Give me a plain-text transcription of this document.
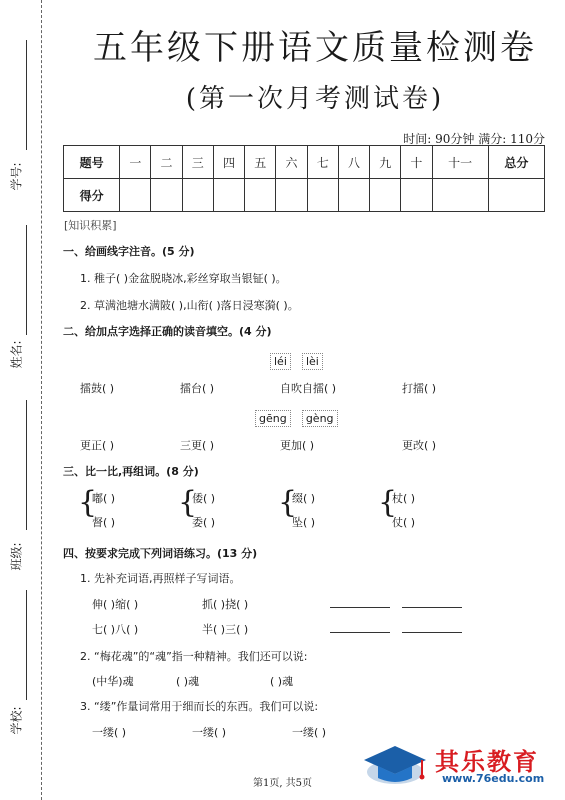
学号:
姓名:
班级:
学校:
五年级下册语文质量检测卷
(第一次月考测试卷)
时间: 90分钟 满分: 110分
题号	一	二	三	四	五	六	七	八	九	十	十一	总分
得分												
[知识积累]
一、给画线字注音。(5 分)
1. 稚子( )金盆脱晓冰,彩丝穿取当银钲( )。
2. 草满池塘水满陂( ),山衔( )落日浸寒漪( )。
二、给加点字选择正确的读音填空。(4 分)
léi lèi
擂鼓( )	擂台( )	自吹自擂( )	打擂( )
gēng gèng
更正( )	三更( )	更加( )	更改( )
三、比一比,再组词。(8 分)
{
嘟( )
督( )
{
倭( )
委( )
{
缀( )
坠( )
{
杖( )
仗( )
四、按要求完成下列词语练习。(13 分)
1. 先补充词语,再照样子写词语。
伸( )缩( )	抓( )挠( )
七( )八( )	半( )三( )
2. “梅花魂”的“魂”指一种精神。我们还可以说:
(中华)魂	( )魂	( )魂
3. “缕”作量词常用于细而长的东西。我们可以说:
一缕( )	一缕( )	一缕( )
第1页, 共5页
其乐教育
www.76edu.com
